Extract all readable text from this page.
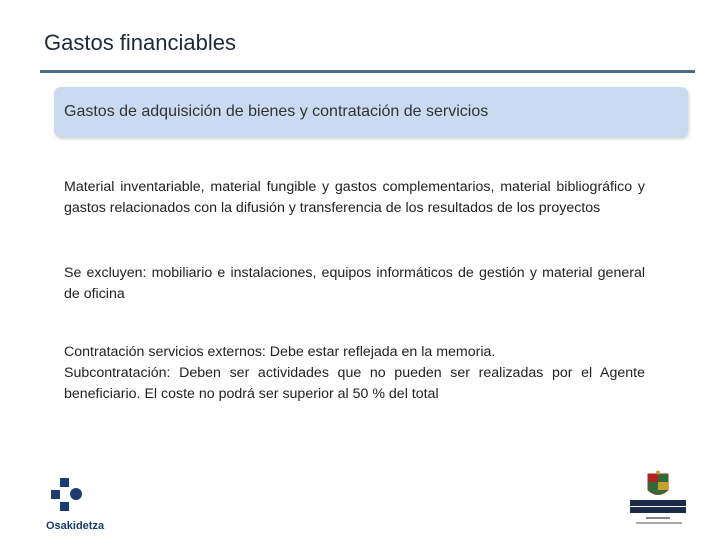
Gastos financiables
Gastos de adquisición de bienes y contratación de servicios

Material inventariable, material fungible y gastos complementarios, material bibliográfico y gastos relacionados con la difusión y transferencia de los resultados de los proyectos

Se excluyen: mobiliario e instalaciones, equipos informáticos de gestión y material general de oficina

Contratación servicios externos: Debe estar reflejada en la memoria.
Subcontratación: Deben ser actividades que no pueden ser realizadas por el Agente beneficiario. El coste no podrá ser superior al 50 % del total

Osakidetza
